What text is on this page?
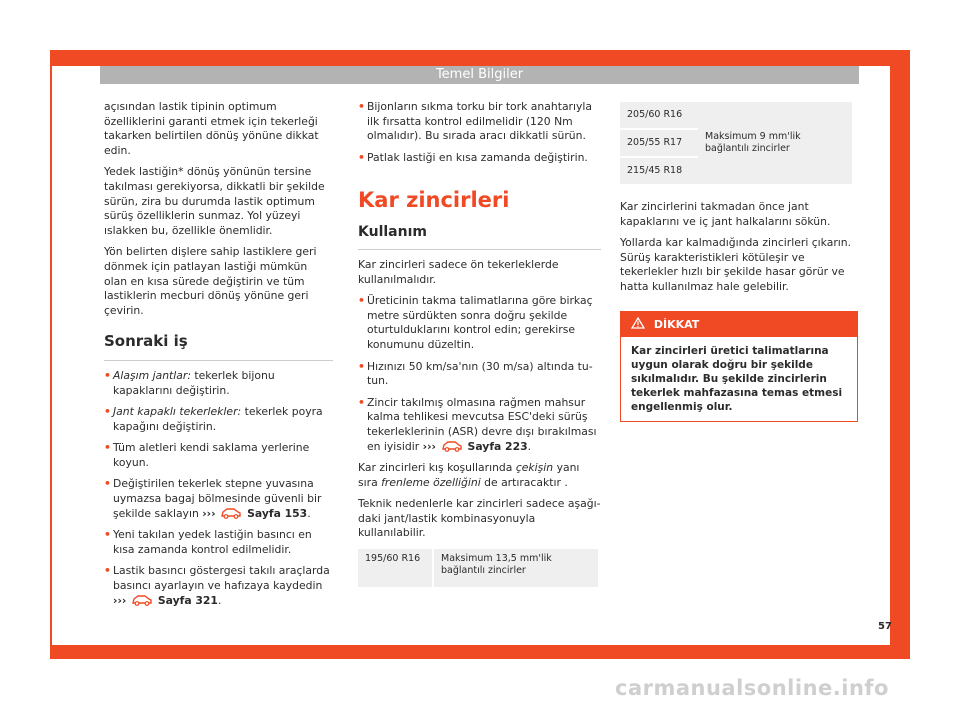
Temel Bilgiler

açısından lastik tipinin optimum özelliklerini garanti etmek için tekerleği takarken belirtilen dönüş yönüne dikkat edin.

Yedek lastiğin* dönüş yönünün tersine takılması gerekiyorsa, dikkatli bir şekilde sürün, zira bu durumda lastik optimum sürüş özelliklerin sunmaz. Yol yüzeyi ıslakken bu, özellikle önemlidir.

Yön belirten dişlere sahip lastiklere geri dönmek için patlayan lastiği mümkün olan en kısa sürede değiştirin ve tüm lastiklerin mecburi dönüş yönüne geri çevirin.

Sonraki iş
• Alaşım jantlar: tekerlek bijonu kapaklarını değiştirin.
• Jant kapaklı tekerlekler: tekerlek poyra kapağını değiştirin.
• Tüm aletleri kendi saklama yerlerine koyun.
• Değiştirilen tekerlek stepne yuvasına uymazsa bagaj bölmesinde güvenli bir şekilde saklayın ›››	Sayfa 153.
• Yeni takılan yedek lastiğin basıncı en kısa zamanda kontrol edilmelidir.
• Lastik basıncı göstergesi takılı araçlarda basıncı ayarlayın ve hafızaya kaydedin ›››	Sayfa 321.
• Bijonların sıkma torku bir tork anahtarıyla ilk fırsatta kontrol edilmelidir (120 Nm olmalıdır). Bu sırada aracı dikkatli sürün.
• Patlak lastiği en kısa zamanda değiştirin.
Kar zincirleri
Kullanım

Kar zincirleri sadece ön tekerleklerde kullanılmalıdır.

• Üreticinin takma talimatlarına göre birkaç metre sürdükten sonra doğru şekilde oturtulduklarını kontrol edin; gerekirse konumunu düzeltin.
• Hızınızı 50 km/sa'nın (30 m/sa) altında tutun.
• Zincir takılmış olmasına rağmen mahsur kalma tehlikesi mevcutsa ESC'deki sürüş tekerleklerinin (ASR) devre dışı bırakılması en iyisidir ›››	Sayfa 223.

Kar zincirleri kış koşullarında çekişin yanı sıra frenleme özelliğini de artıracaktır .

Teknik nedenlerle kar zincirleri sadece aşağıdaki jant/lastik kombinasyonuyla kullanılabilir.

195/60 R16	Maksimum 13,5 mm'lik bağlantılı zincirler
205/60 R16	Maksimum 9 mm'lik bağlantılı zincirler
205/55 R17
215/45 R18

Kar zincirlerini takmadan önce jant kapaklarını ve iç jant halkalarını sökün.

Yollarda kar kalmadığında zincirleri çıkarın. Sürüş karakteristikleri kötüleşir ve tekerlekler hızlı bir şekilde hasar görür ve hatta kullanılmaz hale gelebilir.

DİKKAT
Kar zincirleri üretici talimatlarına uygun olarak doğru bir şekilde sıkılmalıdır. Bu şekilde zincirlerin tekerlek mahfazasına temas etmesi engellenmiş olur.
57
carmanualsonline.info
